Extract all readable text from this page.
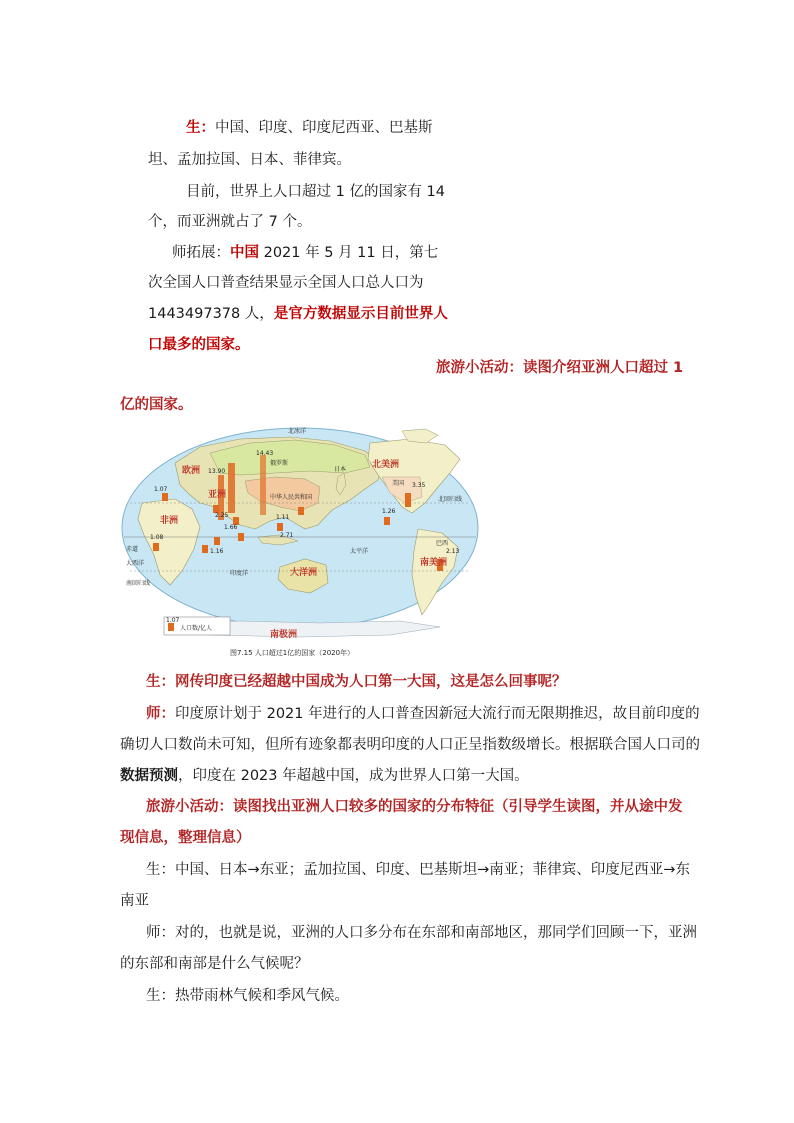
生：中国、印度、印度尼西亚、巴基斯
坦、孟加拉国、日本、菲律宾。
目前，世界上人口超过 1 亿的国家有 14
个，而亚洲就占了 7 个。
师拓展：中国 2021 年 5 月 11 日，第七
次全国人口普查结果显示全国人口总人口为
1443497378 人，是官方数据显示目前世界人
口最多的国家。
旅游小活动：读图介绍亚洲人口超过 1
亿的国家。
14.43
13.90
1.07
2.25
1.66
1.11
1.26
2.71
1.08
3.35
2.13
1.16
欧洲
亚洲
非洲
北美洲
南美洲
大洋洲
南极洲
北冰洋
太平洋
大西洋
印度洋
俄罗斯
中华人民共和国
日本
美国
巴西
北回归线
赤道
南回归线
1.07
人口数/亿人
图7.15 人口超过1亿的国家（2020年）
生：网传印度已经超越中国成为人口第一大国，这是怎么回事呢？
师：印度原计划于 2021 年进行的人口普查因新冠大流行而无限期推迟，故目前印度的
确切人口数尚未可知，但所有迹象都表明印度的人口正呈指数级增长。根据联合国人口司的
数据预测，印度在 2023 年超越中国，成为世界人口第一大国。
旅游小活动：读图找出亚洲人口较多的国家的分布特征（引导学生读图，并从途中发
现信息，整理信息）
生：中国、日本→东亚；孟加拉国、印度、巴基斯坦→南亚；菲律宾、印度尼西亚→东
南亚
师：对的，也就是说，亚洲的人口多分布在东部和南部地区，那同学们回顾一下，亚洲
的东部和南部是什么气候呢？
生：热带雨林气候和季风气候。
